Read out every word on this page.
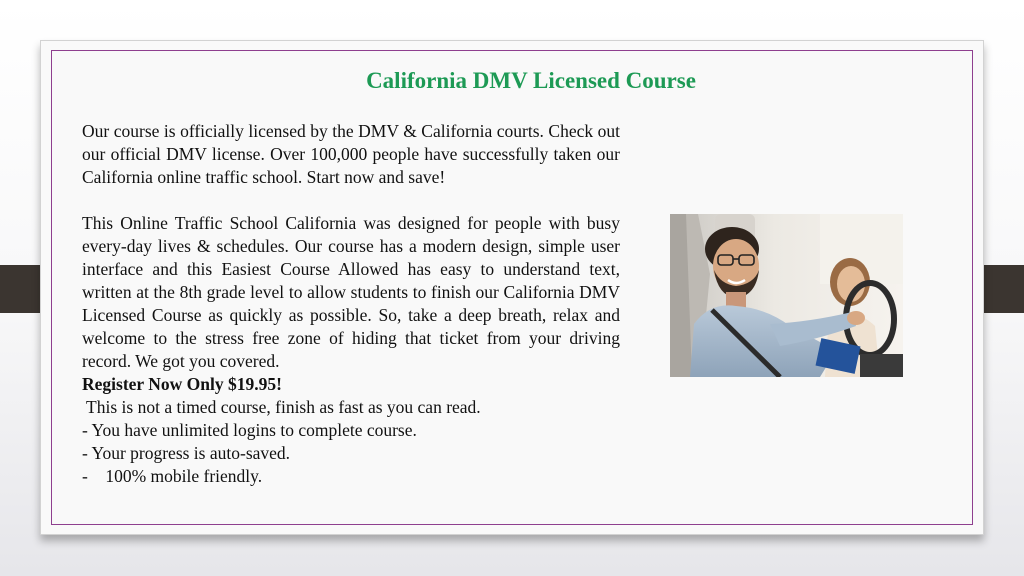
California DMV Licensed Course

Our course is officially licensed by the DMV & California courts. Check out our official DMV license. Over 100,000 people have successfully taken our California online traffic school. Start now and save!

This Online Traffic School California was designed for people with busy every-day lives & schedules. Our course has a modern design, simple user interface and this Easiest Course Allowed has easy to understand text, written at the 8th grade level to allow students to finish our California DMV Licensed Course as quickly as possible. So, take a deep breath, relax and welcome to the stress free zone of hiding that ticket from your driving record. We got you covered.

Register Now Only $19.95!

This is not a timed course, finish as fast as you can read.

- You have unlimited logins to complete course.

- Your progress is auto-saved.

-    100% mobile friendly.
